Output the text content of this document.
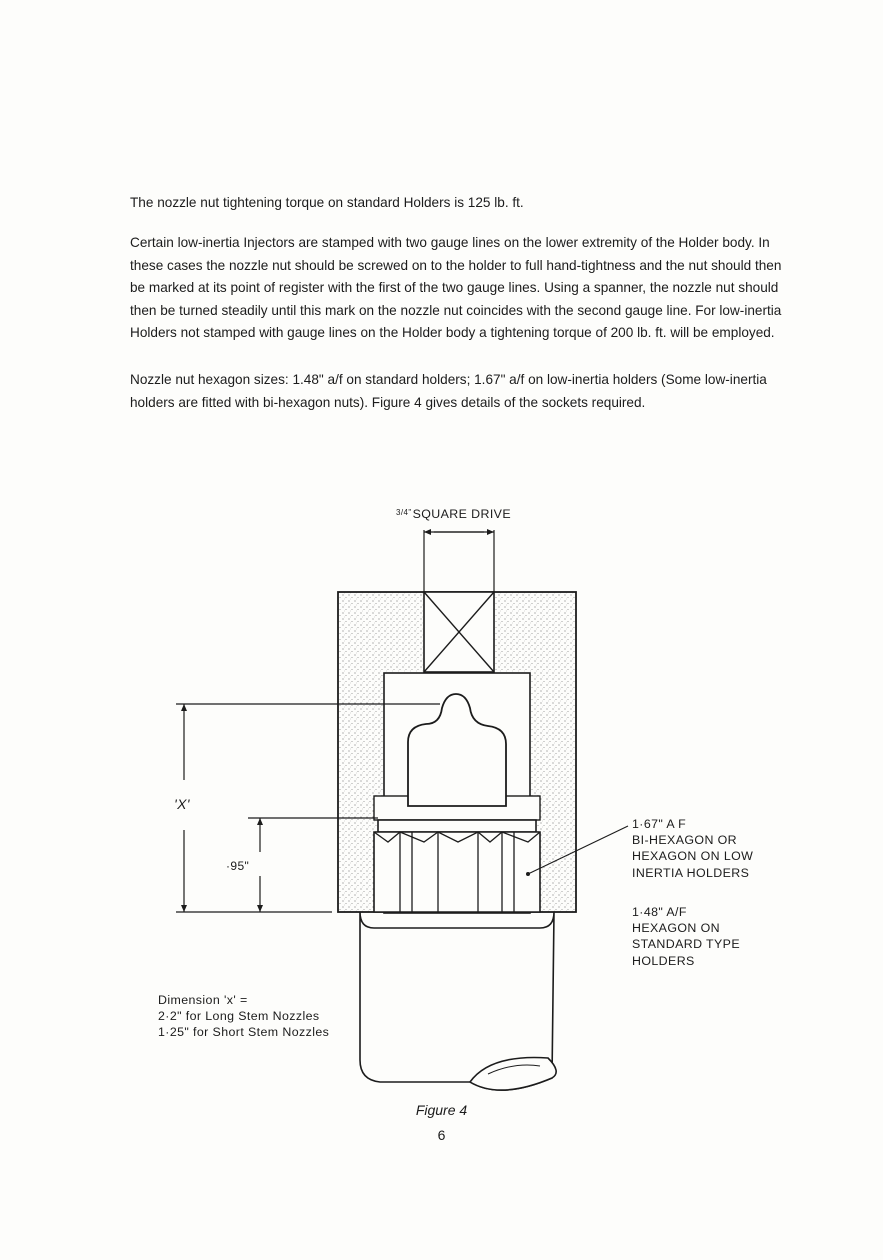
The nozzle nut tightening torque on standard Holders is 125 lb. ft.

Certain low-inertia Injectors are stamped with two gauge lines on the lower extremity of the Holder body. In these cases the nozzle nut should be screwed on to the holder to full hand-tightness and the nut should then be marked at its point of register with the first of the two gauge lines. Using a spanner, the nozzle nut should then be turned steadily until this mark on the nozzle nut coincides with the second gauge line. For low-inertia Holders not stamped with gauge lines on the Holder body a tightening torque of 200 lb. ft. will be employed.

Nozzle nut hexagon sizes: 1.48" a/f on standard holders; 1.67" a/f on low-inertia holders (Some low-inertia holders are fitted with bi-hexagon nuts). Figure 4 gives details of the sockets required.

$^{3/4"}$SQUARE DRIVE
'X'
·95"
1·67" A F
BI-HEXAGON OR
HEXAGON ON LOW
INERTIA HOLDERS
1·48" A/F
HEXAGON ON
STANDARD TYPE
HOLDERS
Dimension 'x' =
2·2" for Long Stem Nozzles
1·25" for Short Stem Nozzles

Figure 4

6
